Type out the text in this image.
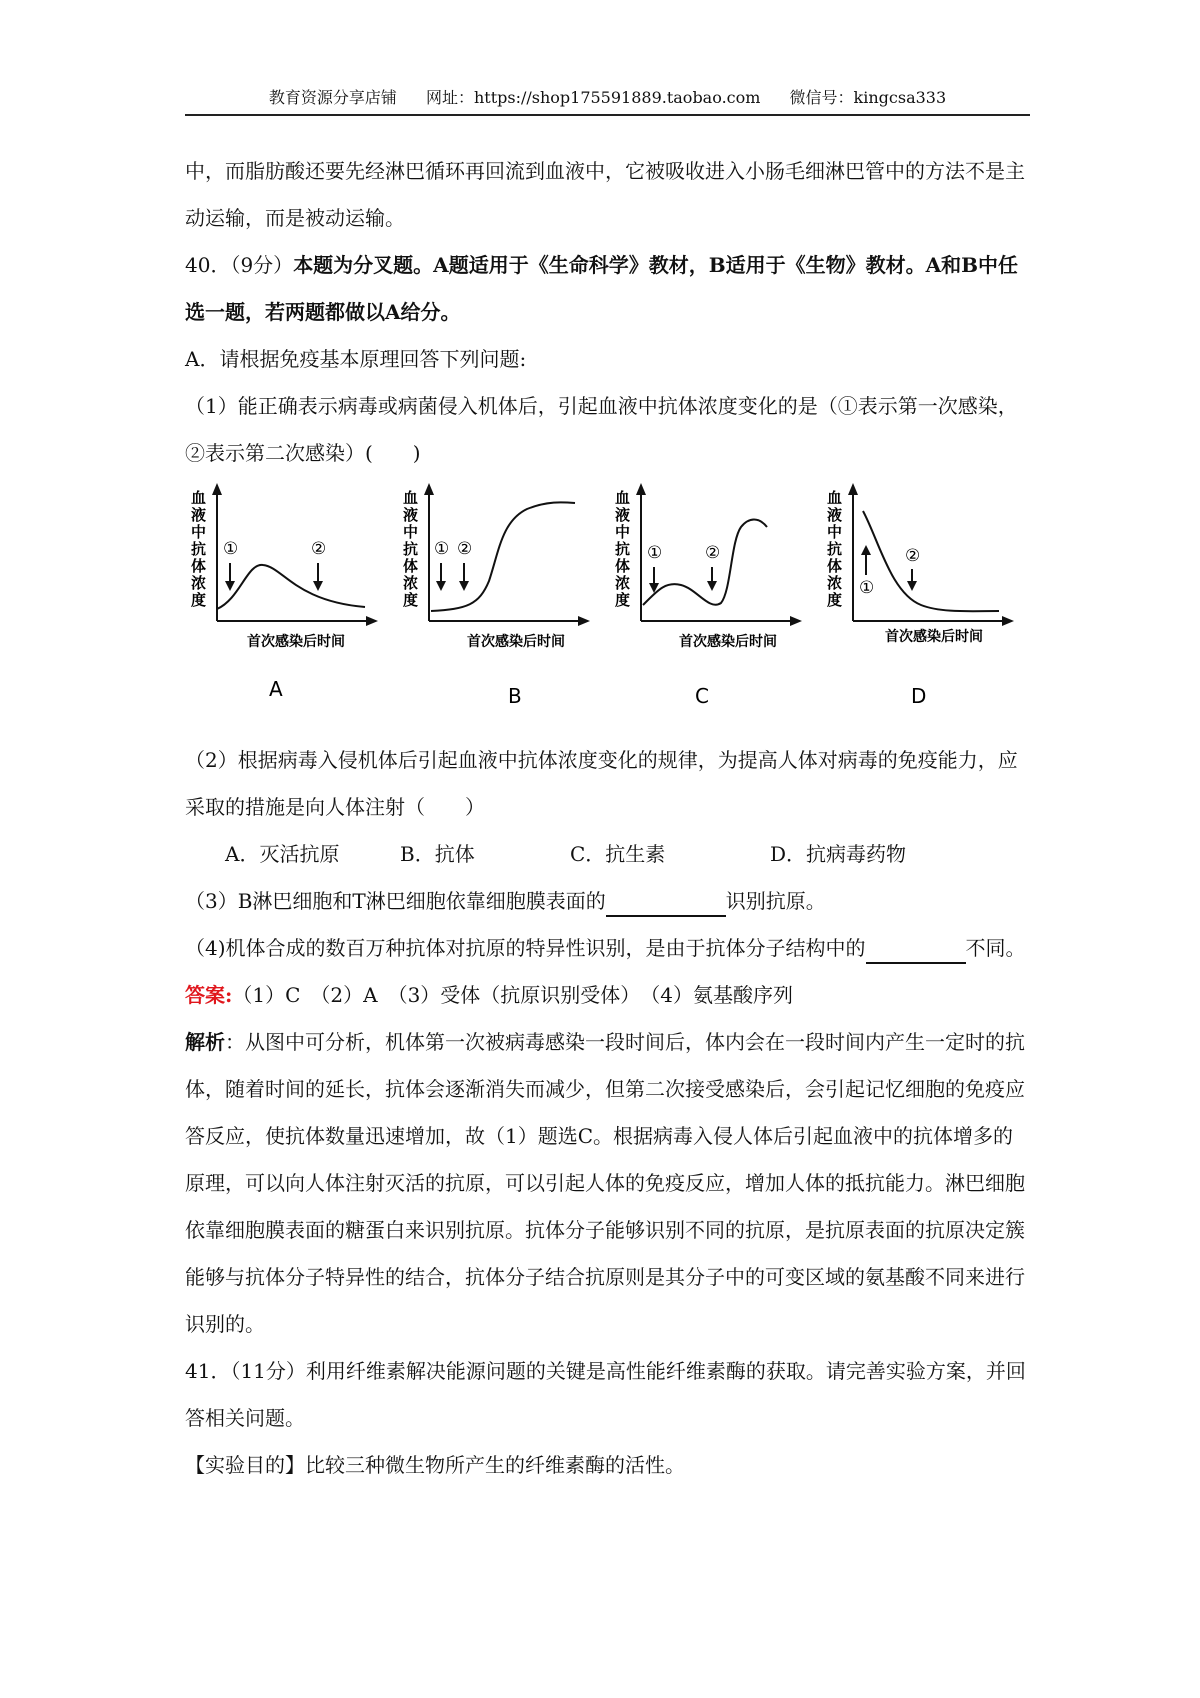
教育资源分享店铺 网址：https://shop175591889.taobao.com 微信号：kingcsa333

中，而脂肪酸还要先经淋巴循环再回流到血液中，它被吸收进入小肠毛细淋巴管中的方法不是主动运输，而是被动运输。

40．（9分）本题为分叉题。A题适用于《生命科学》教材，B适用于《生物》教材。A和B中任选一题，若两题都做以A给分。

A．请根据免疫基本原理回答下列问题:

（1）能正确表示病毒或病菌侵入机体后，引起血液中抗体浓度变化的是（①表示第一次感染，②表示第二次感染）(　　)

血
液
中
抗
体
浓
度
①	②
首次感染后时间
A
血
液
中
抗
体
浓
度
① ②
首次感染后时间
B
血
液
中
抗
体
浓
度
①	②
首次感染后时间
C
血
液
中
抗
体
浓
度
①
②
首次感染后时间
D

（2）根据病毒入侵机体后引起血液中抗体浓度变化的规律，为提高人体对病毒的免疫能力，应采取的措施是向人体注射（　　）

A．灭活抗原	B．抗体	C．抗生素	D．抗病毒药物

（3）B淋巴细胞和T淋巴细胞依靠细胞膜表面的	识别抗原。

（4)机体合成的数百万种抗体对抗原的特异性识别，是由于抗体分子结构中的	不同。

答案:（1）C　（2）A　（3）受体（抗原识别受体）　（4）氨基酸序列

解析：从图中可分析，机体第一次被病毒感染一段时间后，体内会在一段时间内产生一定时的抗体，随着时间的延长，抗体会逐渐消失而减少，但第二次接受感染后，会引起记忆细胞的免疫应答反应，使抗体数量迅速增加，故（1）题选C。根据病毒入侵人体后引起血液中的抗体增多的原理，可以向人体注射灭活的抗原，可以引起人体的免疫反应，增加人体的抵抗能力。淋巴细胞依靠细胞膜表面的糖蛋白来识别抗原。抗体分子能够识别不同的抗原，是抗原表面的抗原决定簇能够与抗体分子特异性的结合，抗体分子结合抗原则是其分子中的可变区域的氨基酸不同来进行识别的。

41．（11分）利用纤维素解决能源问题的关键是高性能纤维素酶的获取。请完善实验方案，并回答相关问题。

【实验目的】比较三种微生物所产生的纤维素酶的活性。
